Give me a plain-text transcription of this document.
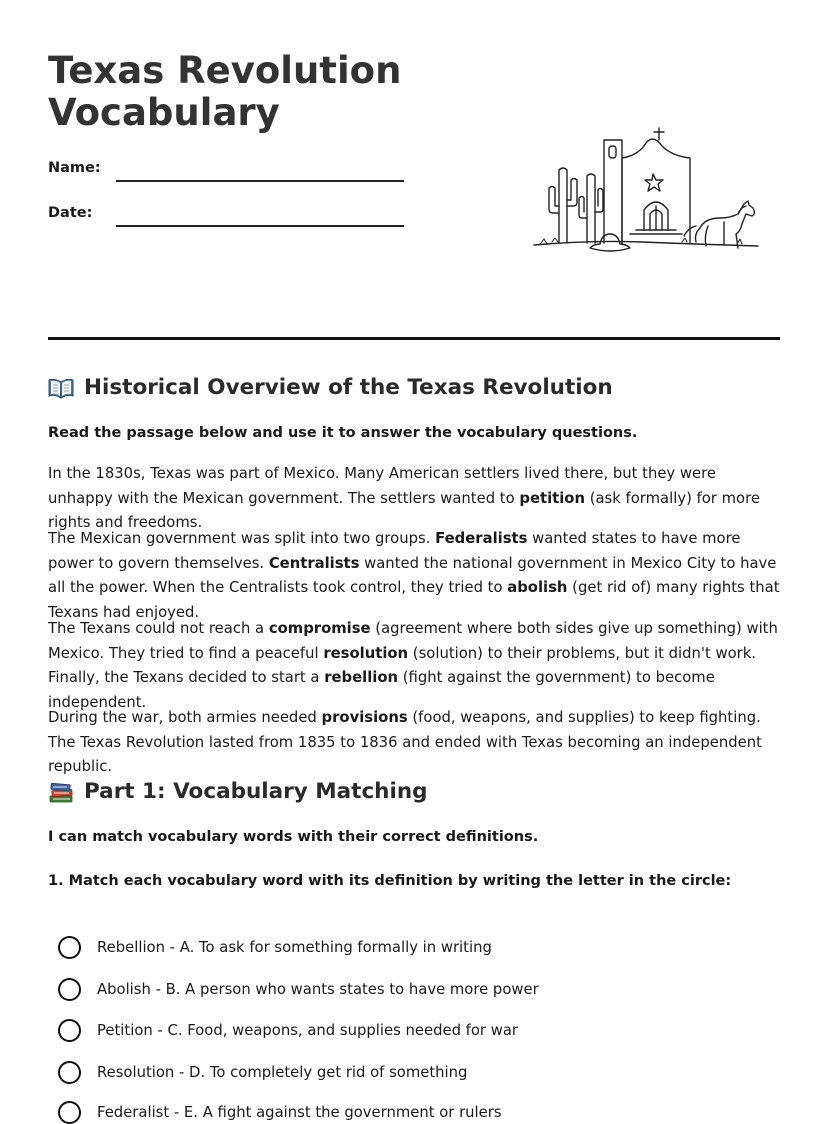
Texas Revolution
Vocabulary
Name:
Date:
Historical Overview of the Texas Revolution
Read the passage below and use it to answer the vocabulary questions.

In the 1830s, Texas was part of Mexico. Many American settlers lived there, but they were unhappy with the Mexican government. The settlers wanted to petition (ask formally) for more rights and freedoms.

The Mexican government was split into two groups. Federalists wanted states to have more power to govern themselves. Centralists wanted the national government in Mexico City to have all the power. When the Centralists took control, they tried to abolish (get rid of) many rights that Texans had enjoyed.

The Texans could not reach a compromise (agreement where both sides give up something) with Mexico. They tried to find a peaceful resolution (solution) to their problems, but it didn't work. Finally, the Texans decided to start a rebellion (fight against the government) to become independent.

During the war, both armies needed provisions (food, weapons, and supplies) to keep fighting. The Texas Revolution lasted from 1835 to 1836 and ended with Texas becoming an independent republic.

Part 1: Vocabulary Matching
I can match vocabulary words with their correct definitions.
1. Match each vocabulary word with its definition by writing the letter in the circle:
Rebellion - A. To ask for something formally in writing
Abolish - B. A person who wants states to have more power
Petition - C. Food, weapons, and supplies needed for war
Resolution - D. To completely get rid of something
Federalist - E. A fight against the government or rulers
